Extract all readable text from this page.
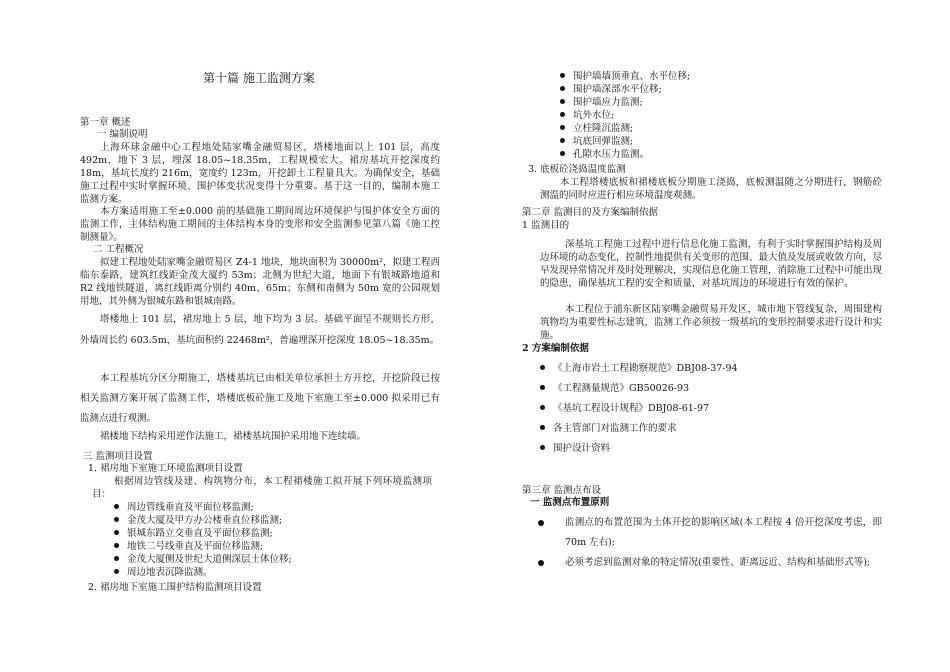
第十篇 施工监测方案
第一章 概述
一 编制说明
上海环球金融中心工程地处陆家嘴金融贸易区，塔楼地面以上 101 层，高度 492m，地下 3 层，埋深 18.05~18.35m，工程规模宏大。裙房基坑开挖深度约 18m，基坑长度约 216m，宽度约 123m，开挖卸土工程量具大。为确保安全，基础施工过程中实时掌握环境、围护体变状况变得十分重要。基于这一目的，编制本施工监测方案。
本方案适用施工至±0.000 前的基础施工期间周边环境保护与围护体安全方面的监测工作，主体结构施工期间的主体结构本身的变形和安全监测参见第八篇《施工控制测量》。
二 工程概况
拟建工程地处陆家嘴金融贸易区 Z4-1 地块，地块面积为 30000m²，拟建工程西临东泰路，建筑红线距金茂大厦约 53m；北侧为世纪大道，地面下有银城路地道和 R2 线地铁隧道，离红线距离分别约 40m、65m；东侧和南侧为 50m 宽的公园规划用地，其外侧为银城东路和银城南路。
塔楼地上 101 层，裙房地上 5 层，地下均为 3 层。基础平面呈不规则长方形，外墙周长约 603.5m，基坑面积约 22468m²，普遍埋深开挖深度 18.05~18.35m。
本工程基坑分区分期施工，塔楼基坑已由相关单位承担土方开挖，开挖阶段已按相关监测方案开展了监测工作，塔楼底板砼施工及地下室施工至±0.000 拟采用已有监测点进行观测。
裙楼地下结构采用逆作法施工，裙楼基坑围护采用地下连续墙。
三 监测项目设置
1. 裙房地下室施工环境监测项目设置
根据周边管线及建、构筑物分布，本工程裙楼施工拟开展下列环境监测项目：
周边管线垂直及平面位移监测;
金茂大厦及甲方办公楼垂直位移监测;
银城东路立交垂直及平面位移监测;
地铁二号线垂直及平面位移监测;
金茂大厦侧及世纪大道侧深层土体位移;
周边地表沉降监测。
2. 裙房地下室施工围护结构监测项目设置
围护墙墙顶垂直、水平位移;
围护墙深部水平位移;
围护墙应力监测;
坑外水位;
立柱隆沉监测;
坑底回弹监测;
孔隙水压力监测。
3. 底板砼浇捣温度监测
本工程塔楼底板和裙楼底板分期施工浇捣，底板测温随之分期进行，钢筋砼测温的同时应进行相应环境温度观测。
第二章 监测目的及方案编制依据
1 监测目的
深基坑工程施工过程中进行信息化施工监测，有利于实时掌握围护结构及周边环境的动态变化，控制性地提供有关变形的范围、最大值及发展或收敛方向，尽早发现异常情况并及时处理解决，实现信息化施工管理，消除施工过程中可能出现的隐患，确保基坑工程的安全和质量，对基坑周边的环境进行有效的保护。
本工程位于浦东新区陆家嘴金融贸易开发区，城市地下管线复杂，周围建构筑物均为重要性标志建筑，监测工作必须按一级基坑的变形控制要求进行设计和实施。
2 方案编制依据
《上海市岩土工程勘察规范》DBJ08-37-94
《工程测量规范》GB50026-93
《基坑工程设计规程》DBJ08-61-97
各主管部门对监测工作的要求
围护设计资料
第三章 监测点布设
一 监测点布置原则
监测点的布置范围为土体开挖的影响区域(本工程按 4 倍开挖深度考虑，即 70m 左右);
必须考虑到监测对象的特定情况(重要性、距离远近、结构和基础形式等);
